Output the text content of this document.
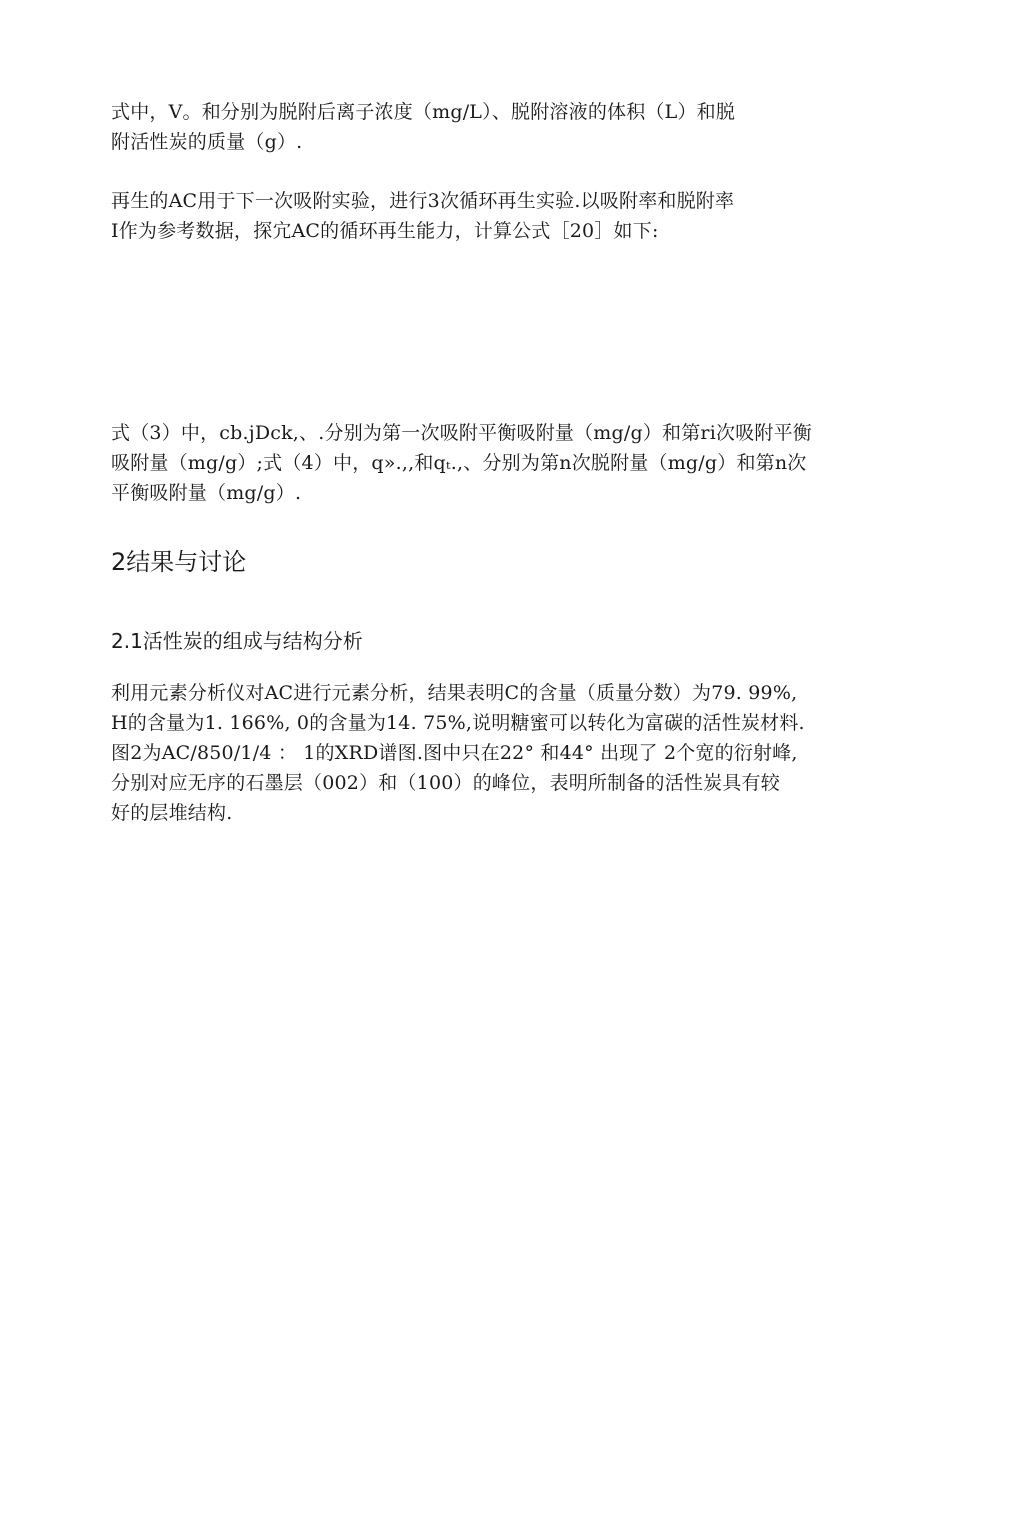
式中，V。和分别为脱附后离子浓度（mg/L）、脱附溶液的体积（L）和脱
附活性炭的质量（g）.
再生的AC用于下一次吸附实验，进行3次循环再生实验.以吸附率和脱附率
I作为参考数据，探宂AC的循环再生能力，计算公式［20］如下:
式（3）中，cb.jDck,、.分别为第一次吸附平衡吸附量（mg/g）和第ri次吸附平衡
吸附量（mg/g）;式（4）中，q».,,和qₜ.,、分别为第n次脱附量（mg/g）和第n次
平衡吸附量（mg/g）.
2结果与讨论
2.1活性炭的组成与结构分析
利用元素分析仪对AC进行元素分析，结果表明C的含量（质量分数）为79. 99%,
H的含量为1. 166%, 0的含量为14. 75%,说明糖蜜可以转化为富碳的活性炭材料.
图2为AC/850/1/4 ： 1的XRD谱图.图中只在22° 和44° 出现了 2个宽的衍射峰,
分别对应无序的石墨层（002）和（100）的峰位，表明所制备的活性炭具有较
好的层堆结构.
